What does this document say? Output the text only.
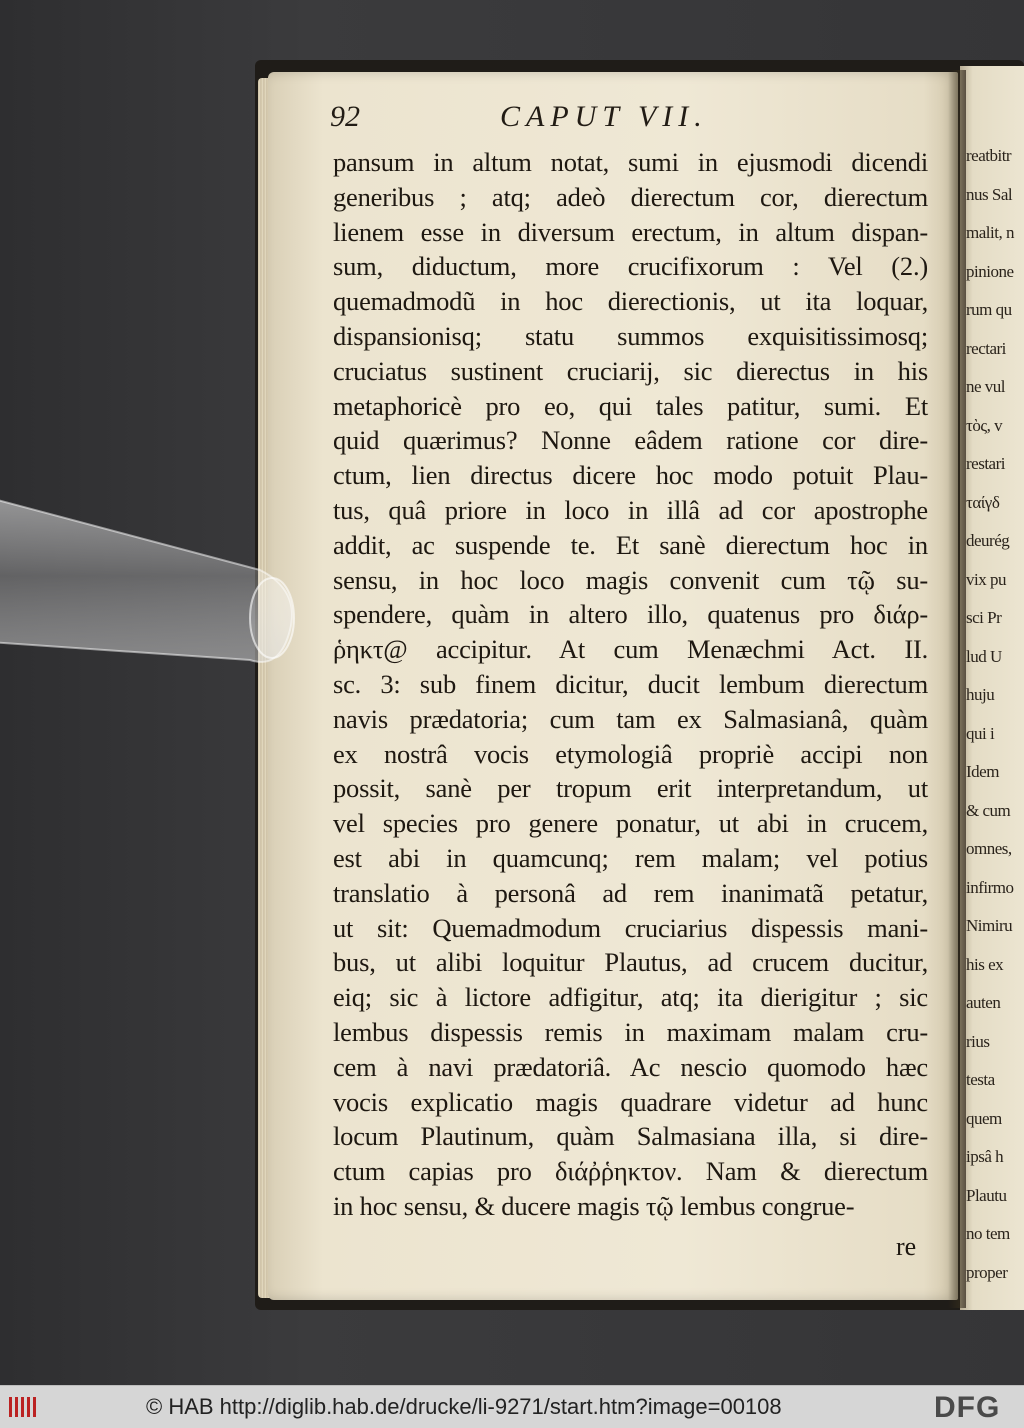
reatbitr
nus Sal
malit, n
pinione
rum qu
rectari
ne vul
τὸς, v
restari
ταίγδ
deurég
vix pu
sci Pr
lud U
huju
qui i
Idem
& cum
omnes,
infirmo
Nimiru
his ex
auten
rius
testa
quem
ipsâ h
Plautu
no tem
proper
92	CAPUT VII.
pansum in altum notat, sumi in ejusmodi dicendi
generibus ; atq; adeò dierectum cor, dierectum
lienem esse in diversum erectum, in altum dispan-
sum, diductum, more crucifixorum : Vel (2.)
quemadmodũ in hoc dierectionis, ut ita loquar,
dispansionisq; statu summos exquisitissimosq;
cruciatus sustinent cruciarij, sic dierectus in his
metaphoricè pro eo, qui tales patitur, sumi. Et
quid quærimus? Nonne eâdem ratione cor dire-
ctum, lien directus dicere hoc modo potuit Plau-
tus, quâ priore in loco in illâ ad cor apostrophe
addit, ac suspende te. Et sanè dierectum hoc in
sensu, in hoc loco magis convenit cum τῷ su-
spendere, quàm in altero illo, quatenus pro διάρ-
ῥηκτ@ accipitur. At cum Menæchmi Act. II.
sc. 3: sub finem dicitur, ducit lembum dierectum
navis prædatoria; cum tam ex Salmasianâ, quàm
ex nostrâ vocis etymologiâ propriè accipi non
possit, sanè per tropum erit interpretandum, ut
vel species pro genere ponatur, ut abi in crucem,
est abi in quamcunq; rem malam; vel potius
translatio à personâ ad rem inanimatã petatur,
ut sit: Quemadmodum cruciarius dispessis mani-
bus, ut alibi loquitur Plautus, ad crucem ducitur,
eiq; sic à lictore adfigitur, atq; ita dierigitur ; sic
lembus dispessis remis in maximam malam cru-
cem à navi prædatoriâ. Ac nescio quomodo hæc
vocis explicatio magis quadrare videtur ad hunc
locum Plautinum, quàm Salmasiana illa, si dire-
ctum capias pro διάῤῥηκτον. Nam & dierectum
in hoc sensu, & ducere magis τῷ lembus congrue-
re
© HAB http://diglib.hab.de/drucke/li-9271/start.htm?image=00108	DFG
